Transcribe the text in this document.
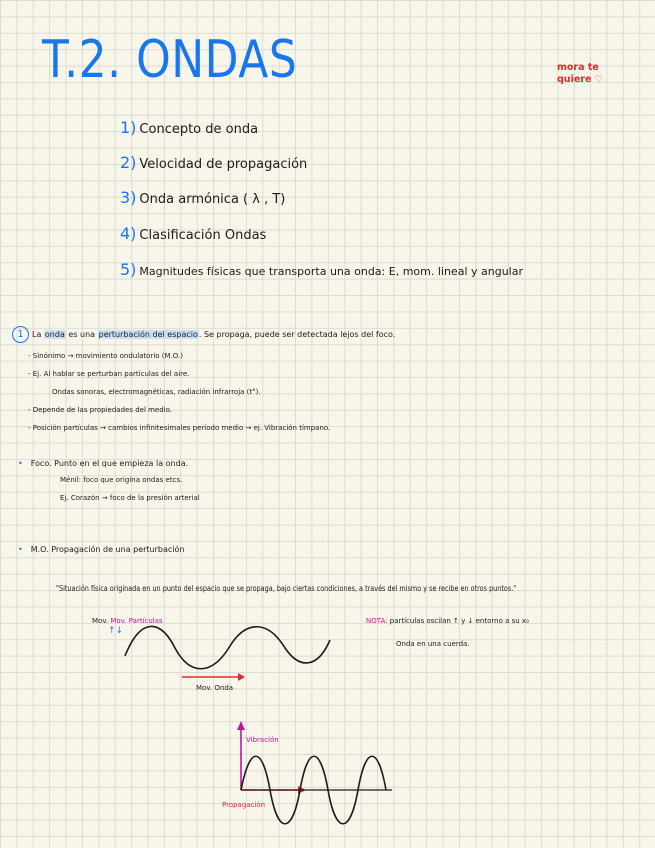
T.2. ONDAS	mora te
quiere ♡
1) Concepto de onda
2) Velocidad de propagación
3) Onda armónica ( λ , T)
4) Clasificación Ondas
5) Magnitudes físicas que transporta una onda: E, mom. lineal y angular
1 La onda es una perturbación del espacio. Se propaga, puede ser detectada lejos del foco.
- Sinónimo → movimiento ondulatorio (M.O.)
- Ej. Al hablar se perturban partículas del aire.
Ondas sonoras, electromagnéticas, radiación infrarroja (t°).
- Depende de las propiedades del medio.
- Posición partículas → cambios infinitesimales período medio → ej. Vibración tímpano.
• Foco. Punto en el que empieza la onda.
Ménil: foco que origina ondas etcs.
Ej. Corazón → foco de la presión arterial
• M.O. Propagación de una perturbación
"Situación física originada en un punto del espacio que se propaga, bajo ciertas condiciones, a través del mismo y se recibe en otros puntos."
Mov. Mov. Partículas
↑↓
Mov. Onda
NOTA: partículas oscilan ↑ y ↓ entorno a su x₀
Onda en una cuerda.
Vibración
Propagación
